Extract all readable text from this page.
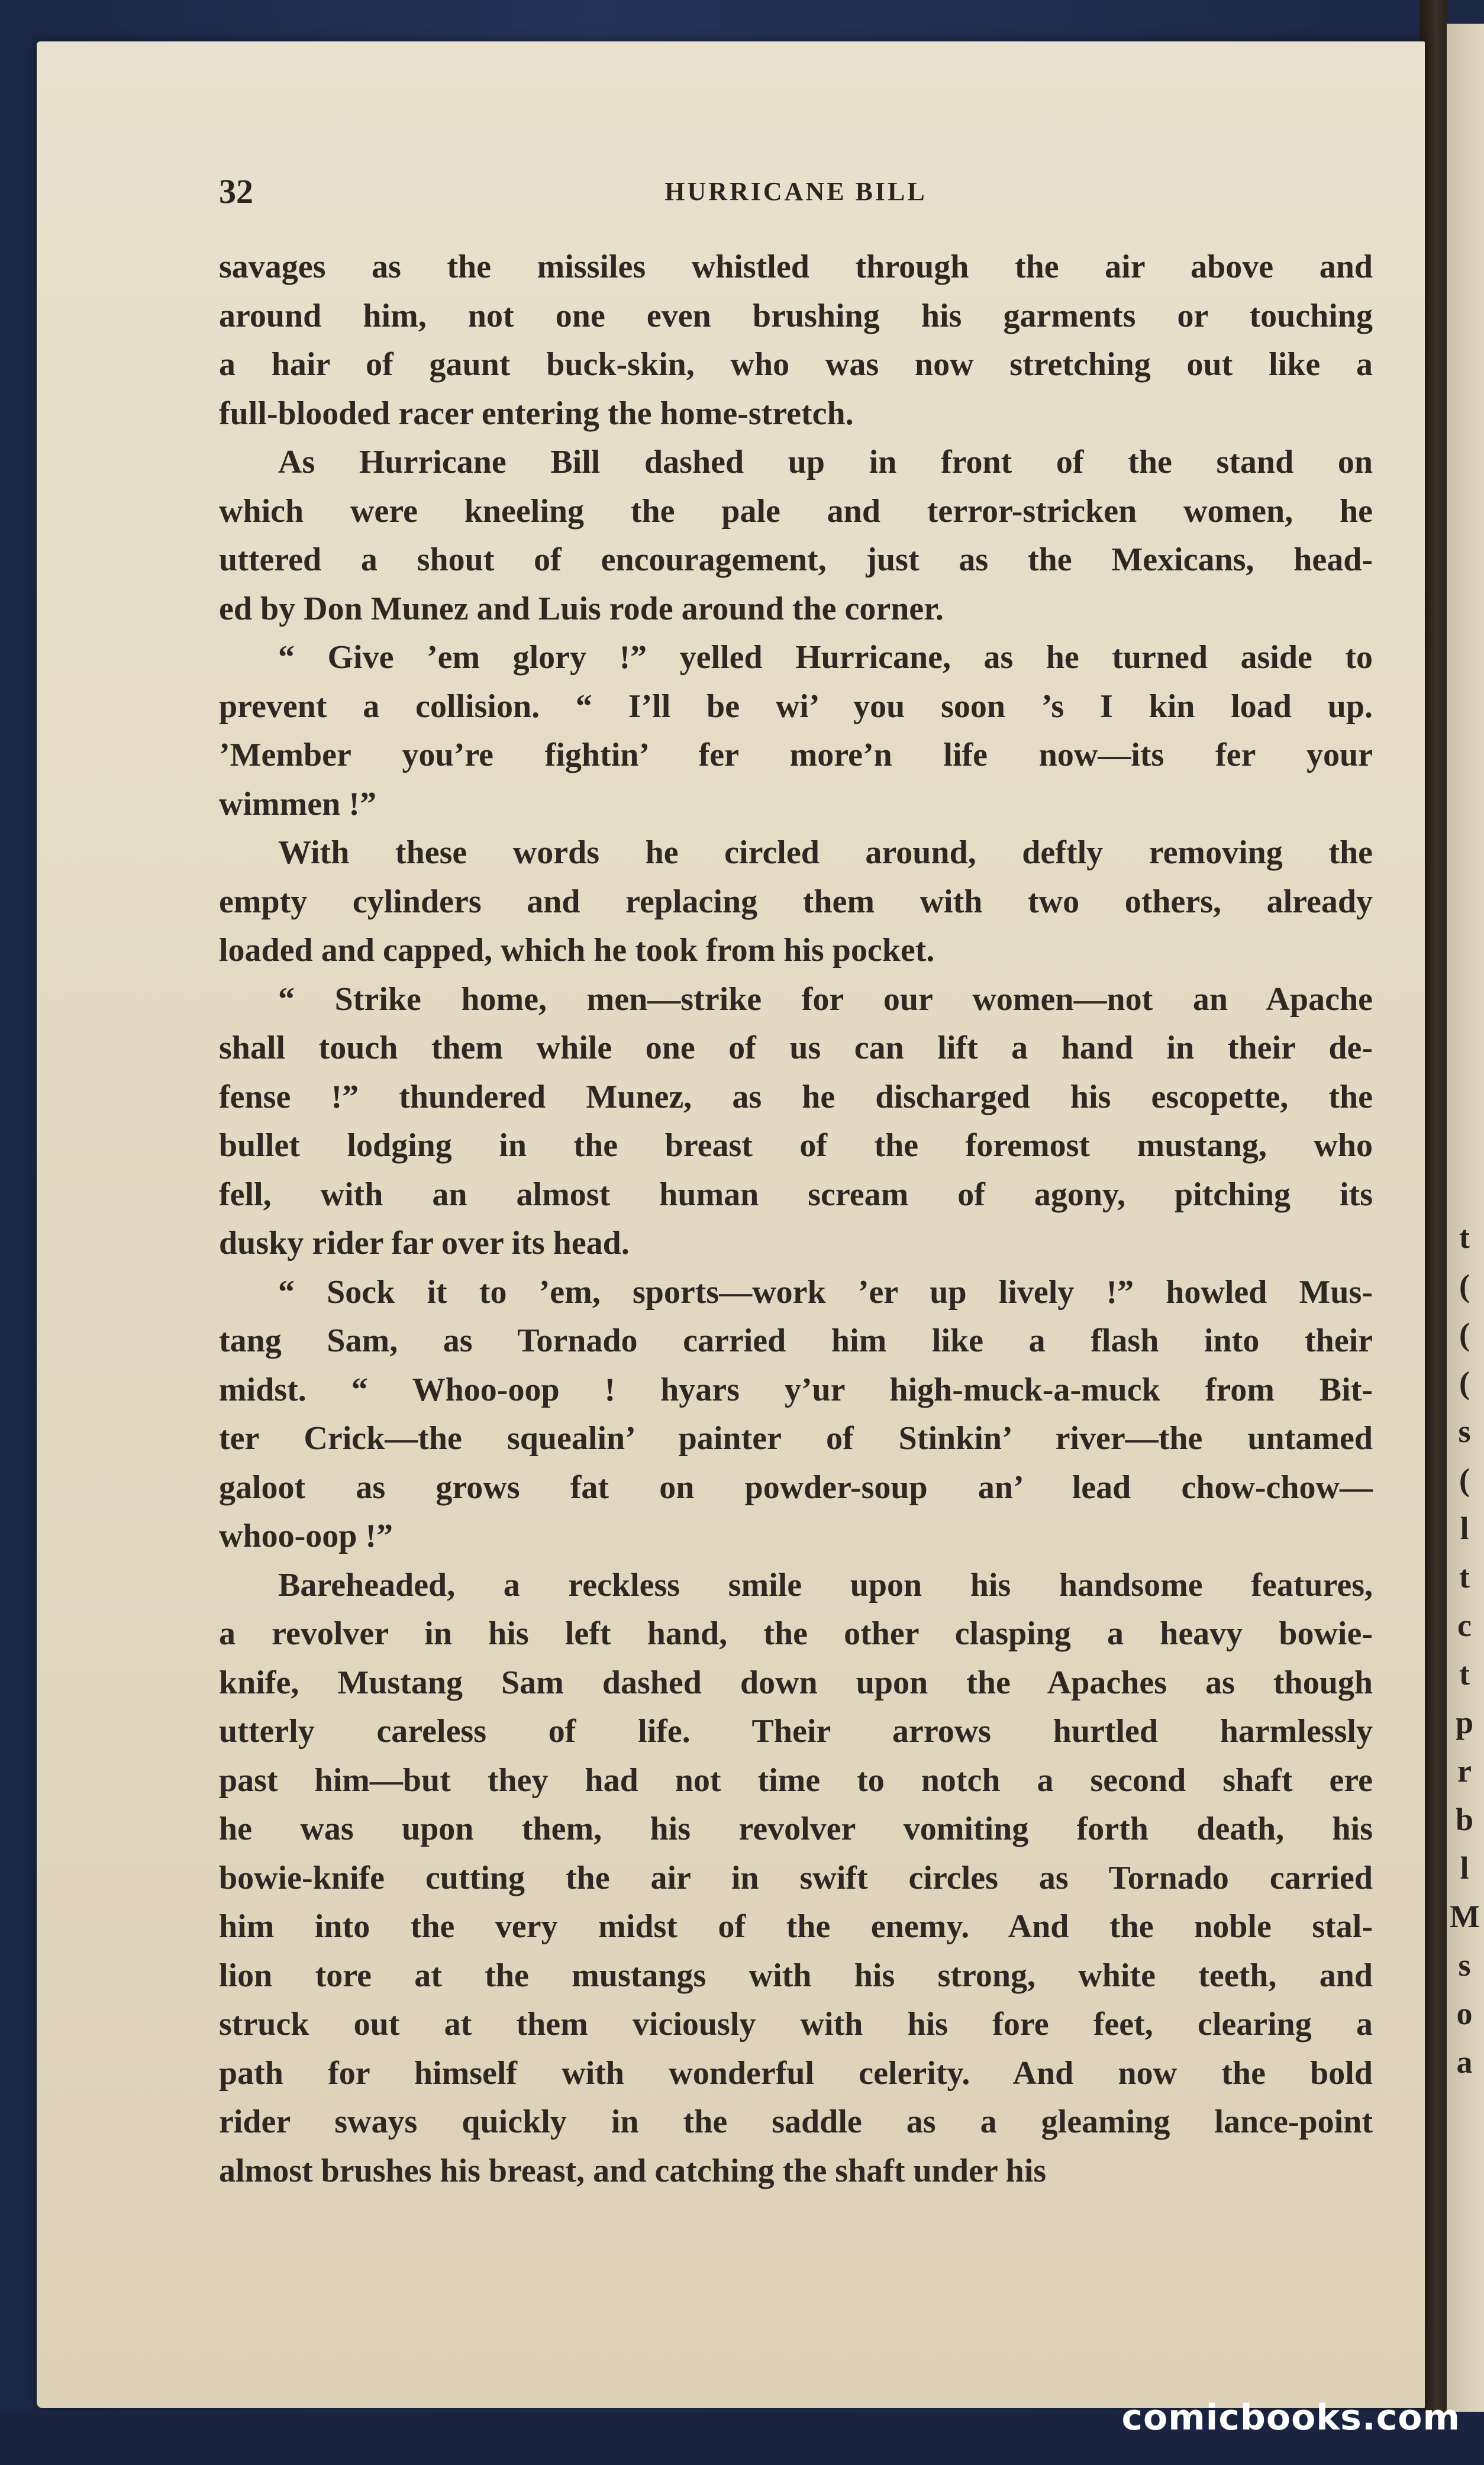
t
(
(
(
s
(
l
t
c
t
p
r
b
l
M
s
o
a
32	HURRICANE BILL
savages as the missiles whistled through the air above and
around him, not one even brushing his garments or touching
a hair of gaunt buck-skin, who was now stretching out like a
full-blooded racer entering the home-stretch.
As Hurricane Bill dashed up in front of the stand on
which were kneeling the pale and terror-stricken women, he
uttered a shout of encouragement, just as the Mexicans, head-
ed by Don Munez and Luis rode around the corner.
“ Give ’em glory !” yelled Hurricane, as he turned aside to
prevent a collision. “ I’ll be wi’ you soon ’s I kin load up.
’Member you’re fightin’ fer more’n life now—its fer your
wimmen !”
With these words he circled around, deftly removing the
empty cylinders and replacing them with two others, already
loaded and capped, which he took from his pocket.
“ Strike home, men—strike for our women—not an Apache
shall touch them while one of us can lift a hand in their de-
fense !” thundered Munez, as he discharged his escopette, the
bullet lodging in the breast of the foremost mustang, who
fell, with an almost human scream of agony, pitching its
dusky rider far over its head.
“ Sock it to ’em, sports—work ’er up lively !” howled Mus-
tang Sam, as Tornado carried him like a flash into their
midst. “ Whoo-oop ! hyars y’ur high-muck-a-muck from Bit-
ter Crick—the squealin’ painter of Stinkin’ river—the untamed
galoot as grows fat on powder-soup an’ lead chow-chow—
whoo-oop !”
Bareheaded, a reckless smile upon his handsome features,
a revolver in his left hand, the other clasping a heavy bowie-
knife, Mustang Sam dashed down upon the Apaches as though
utterly careless of life. Their arrows hurtled harmlessly
past him—but they had not time to notch a second shaft ere
he was upon them, his revolver vomiting forth death, his
bowie-knife cutting the air in swift circles as Tornado carried
him into the very midst of the enemy. And the noble stal-
lion tore at the mustangs with his strong, white teeth, and
struck out at them viciously with his fore feet, clearing a
path for himself with wonderful celerity. And now the bold
rider sways quickly in the saddle as a gleaming lance-point
almost brushes his breast, and catching the shaft under his
comicbooks.com
